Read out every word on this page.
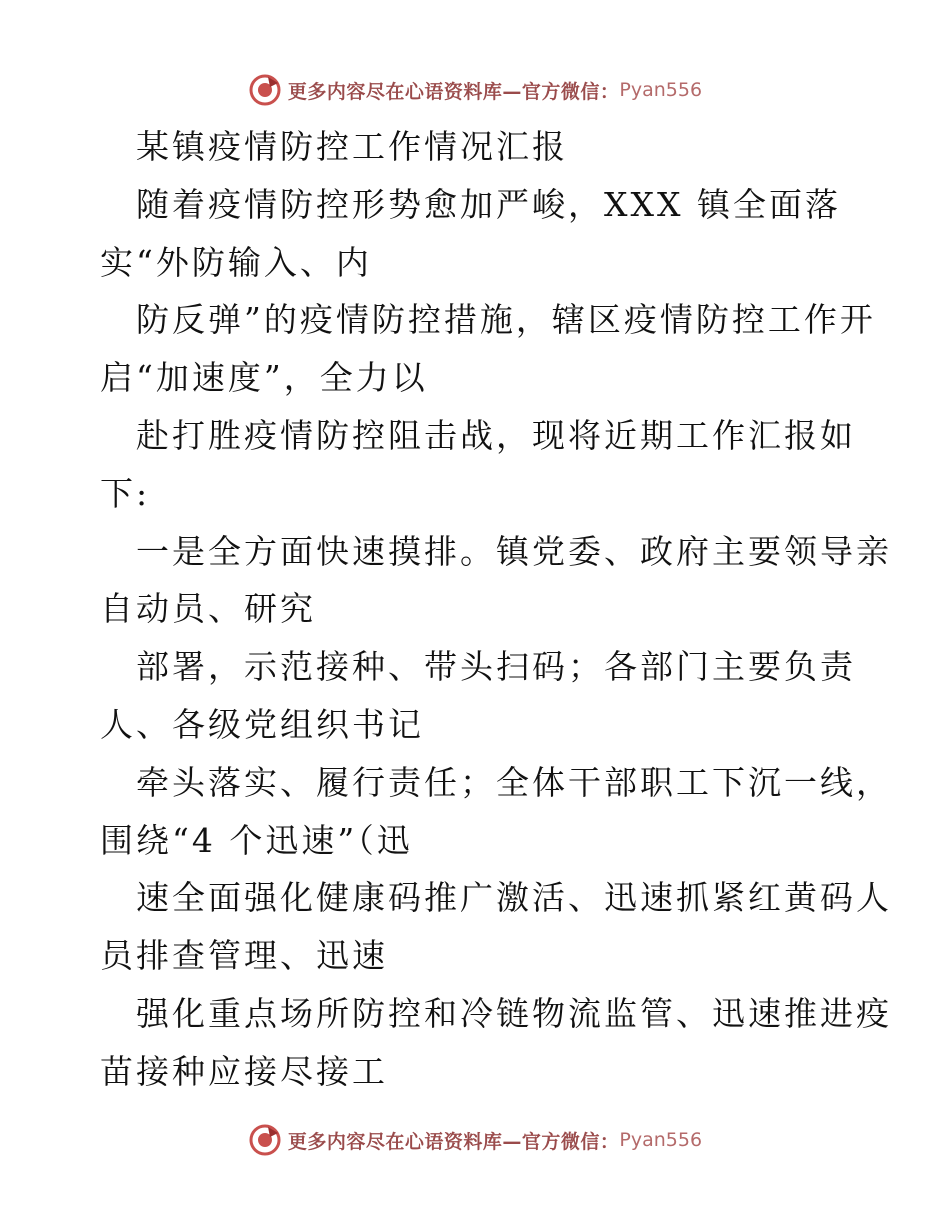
更多内容尽在心语资料库—官方微信： Pyan556
某镇疫情防控工作情况汇报
随着疫情防控形势愈加严峻，XXX 镇全面落
实“外防输入、内
防反弹”的疫情防控措施，辖区疫情防控工作开
启“加速度”，全力以
赴打胜疫情防控阻击战，现将近期工作汇报如
下:
一是全方面快速摸排。镇党委、政府主要领导亲
自动员、研究
部署，示范接种、带头扫码；各部门主要负责
人、各级党组织书记
牵头落实、履行责任；全体干部职工下沉一线，
围绕“4 个迅速”（迅
速全面强化健康码推广激活、迅速抓紧红黄码人
员排查管理、迅速
强化重点场所防控和冷链物流监管、迅速推进疫
苗接种应接尽接工
更多内容尽在心语资料库—官方微信： Pyan556
